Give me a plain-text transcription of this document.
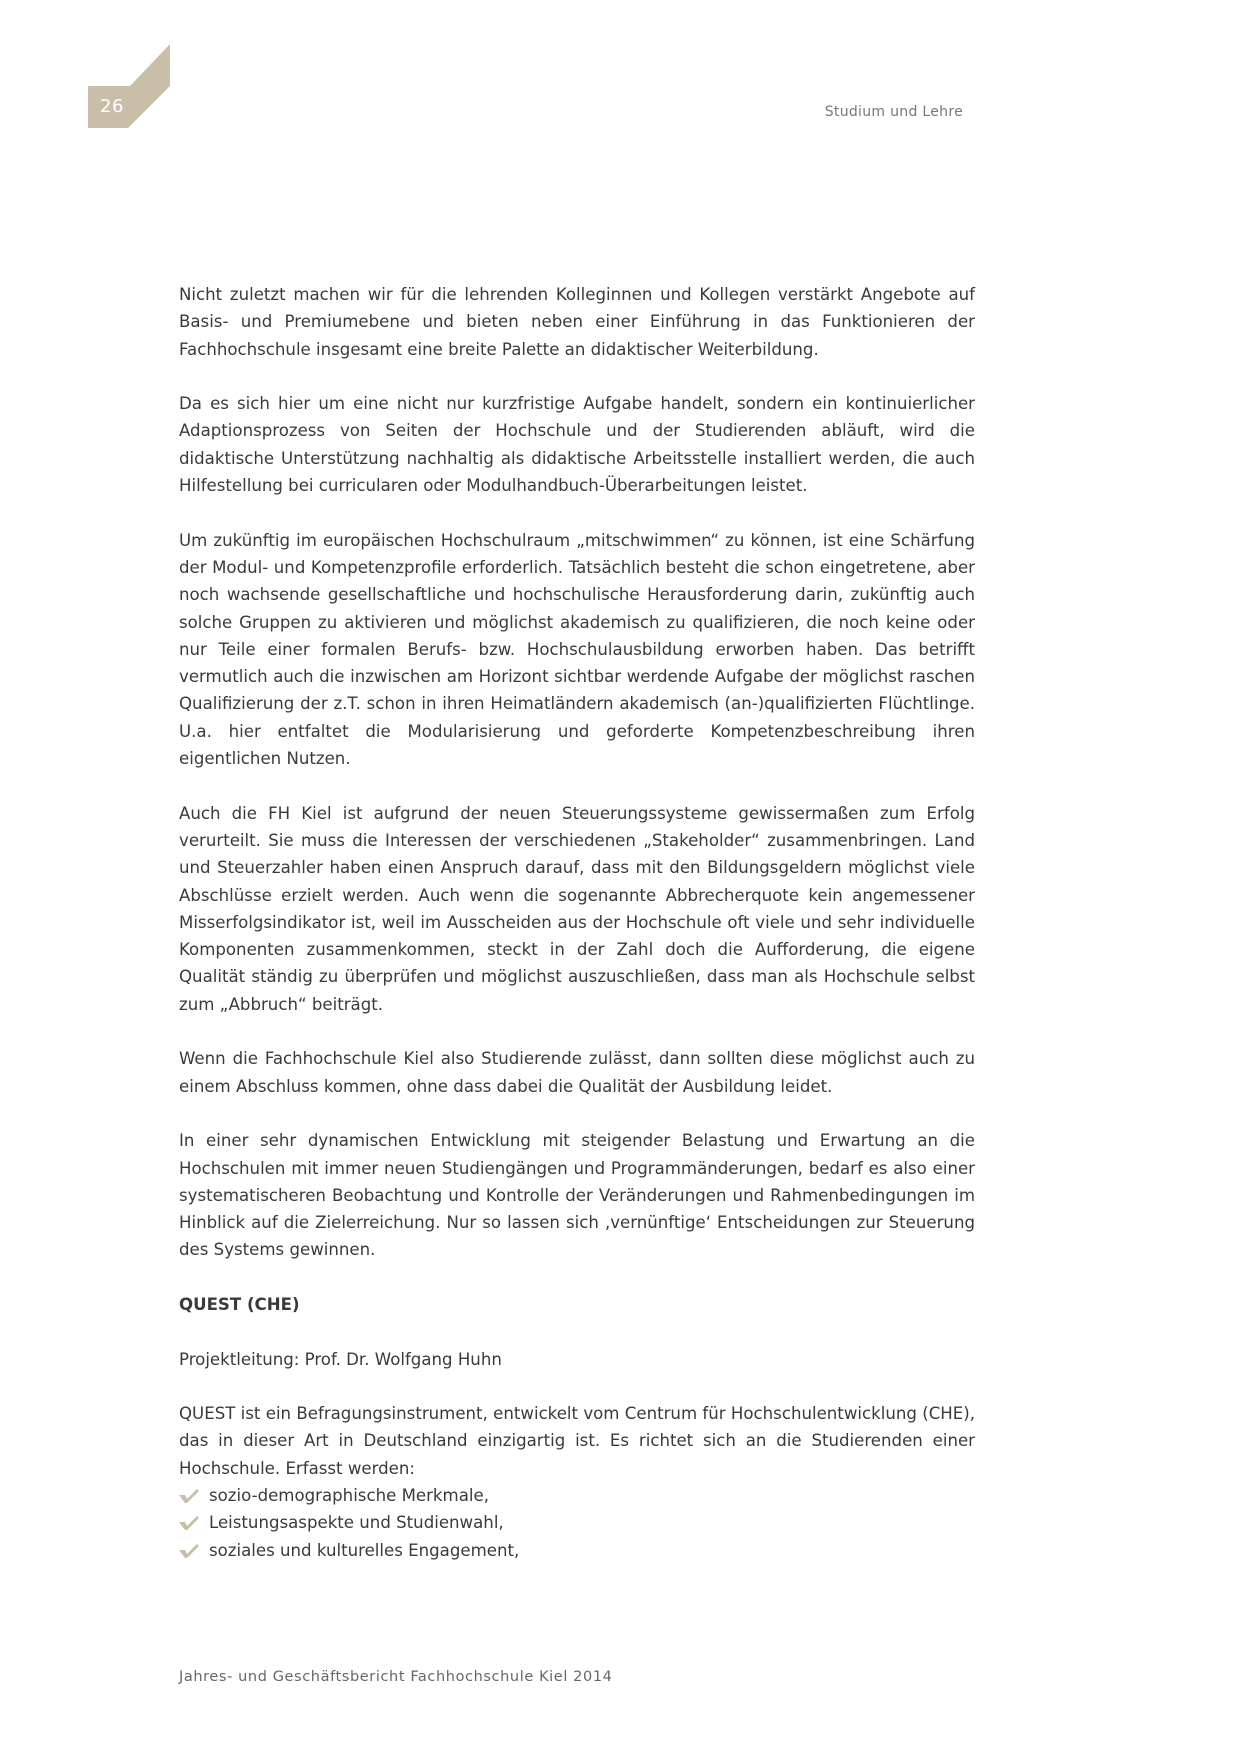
26	Studium und Lehre

Nicht zuletzt machen wir für die lehrenden Kolleginnen und Kollegen verstärkt Angebote auf Basis- und Premiumebene und bieten neben einer Einführung in das Funktionieren der Fachhochschule insgesamt eine breite Palette an didaktischer Weiterbildung.

Da es sich hier um eine nicht nur kurzfristige Aufgabe handelt, sondern ein kontinuierlicher Adaptionsprozess von Seiten der Hochschule und der Studierenden abläuft, wird die didaktische Unterstützung nachhaltig als didaktische Arbeitsstelle installiert werden, die auch Hilfestellung bei curricularen oder Modulhandbuch-Überarbeitungen leistet.

Um zukünftig im europäischen Hochschulraum „mitschwimmen“ zu können, ist eine Schärfung der Modul- und Kompetenzprofile erforderlich. Tatsächlich besteht die schon eingetretene, aber noch wachsende gesellschaftliche und hochschulische Herausforderung darin, zukünftig auch solche Gruppen zu aktivieren und möglichst akademisch zu qualifizieren, die noch keine oder nur Teile einer formalen Berufs- bzw. Hochschulausbildung erworben haben. Das betrifft vermutlich auch die inzwischen am Horizont sichtbar werdende Aufgabe der möglichst raschen Qualifizierung der z.T. schon in ihren Heimatländern akademisch (an-)qualifizierten Flüchtlinge. U.a. hier entfaltet die Modularisierung und geforderte Kompetenzbeschreibung ihren eigentlichen Nutzen.

Auch die FH Kiel ist aufgrund der neuen Steuerungssysteme gewissermaßen zum Erfolg verurteilt. Sie muss die Interessen der verschiedenen „Stakeholder“ zusammenbringen. Land und Steuerzahler haben einen Anspruch darauf, dass mit den Bildungsgeldern möglichst viele Abschlüsse erzielt werden. Auch wenn die sogenannte Abbrecherquote kein angemessener Misserfolgsindikator ist, weil im Ausscheiden aus der Hochschule oft viele und sehr individuelle Komponenten zusammenkommen, steckt in der Zahl doch die Aufforderung, die eigene Qualität ständig zu überprüfen und möglichst auszuschließen, dass man als Hochschule selbst zum „Abbruch“ beiträgt.

Wenn die Fachhochschule Kiel also Studierende zulässt, dann sollten diese möglichst auch zu einem Abschluss kommen, ohne dass dabei die Qualität der Ausbildung leidet.

In einer sehr dynamischen Entwicklung mit steigender Belastung und Erwartung an die Hochschulen mit immer neuen Studiengängen und Programmänderungen, bedarf es also einer systematischeren Beobachtung und Kontrolle der Veränderungen und Rahmenbedingungen im Hinblick auf die Zielerreichung. Nur so lassen sich ‚vernünftige‘ Entscheidungen zur Steuerung des Systems gewinnen.

QUEST (CHE)

Projektleitung: Prof. Dr. Wolfgang Huhn

QUEST ist ein Befragungsinstrument, entwickelt vom Centrum für Hochschulentwicklung (CHE), das in dieser Art in Deutschland einzigartig ist. Es richtet sich an die Studierenden einer Hochschule. Erfasst werden:

sozio-demographische Merkmale,
Leistungsaspekte und Studienwahl,
soziales und kulturelles Engagement,
Jahres- und Geschäftsbericht Fachhochschule Kiel 2014
